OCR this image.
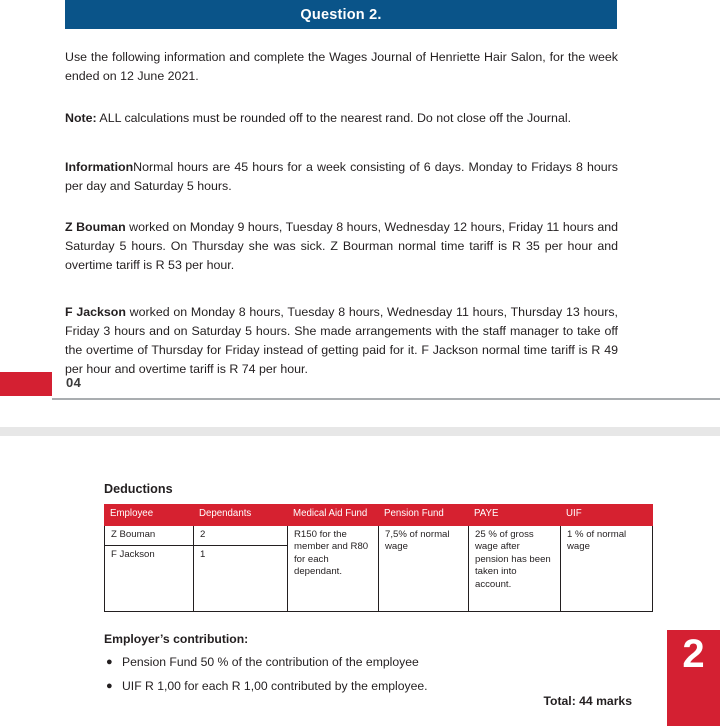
Question 2.

Use the following information and complete the Wages Journal of Henriette Hair Salon, for the week ended on 12 June 2021.

Note: ALL calculations must be rounded off to the nearest rand. Do not close off the Journal.

InformationNormal hours are 45 hours for a week consisting of 6 days. Monday to Fridays 8 hours per day and Saturday 5 hours.

Z Bouman worked on Monday 9 hours, Tuesday 8 hours, Wednesday 12 hours, Friday 11 hours and Saturday 5 hours. On Thursday she was sick. Z Bourman normal time tariff is R 35 per hour and overtime tariff is R 53 per hour.

F Jackson worked on Monday 8 hours, Tuesday 8 hours, Wednesday 11 hours, Thursday 13 hours, Friday 3 hours and on Saturday 5 hours. She made arrangements with the staff manager to take off the overtime of Thursday for Friday instead of getting paid for it. F Jackson normal time tariff is R 49 per hour and overtime tariff is R 74 per hour.

04
Deductions
Employee	Dependants	Medical Aid Fund	Pension Fund	PAYE	UIF
Z Bouman	2	R150 for the member and R80 for each dependant.	7,5% of normal wage	25 % of gross wage after pension has been taken into account.	1 % of normal wage
F Jackson	1				
Employer’s contribution:
● Pension Fund 50 % of the contribution of the employee
● UIF R 1,00 for each R 1,00 contributed by the employee.
Total: 44 marks
2
